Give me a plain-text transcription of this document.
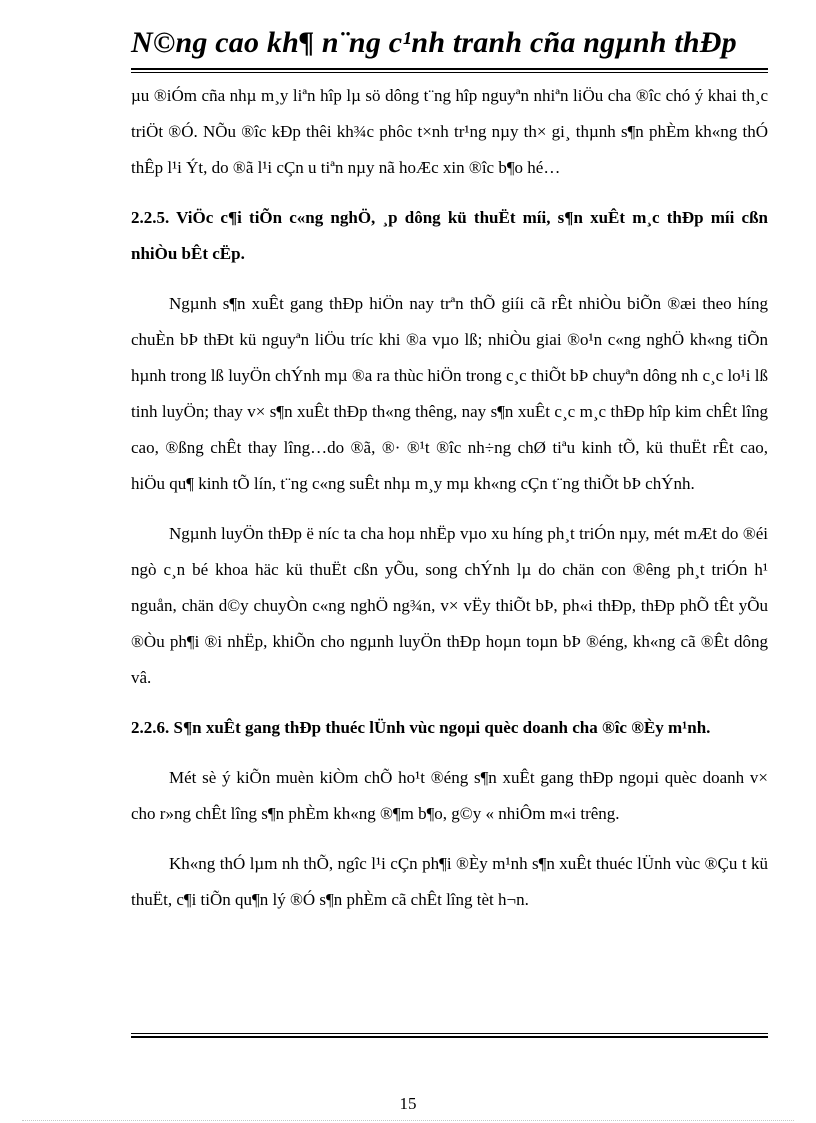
N©ng cao kh¶ n¨ng c¹nh tranh cña ngµnh thÐp

µu ®iÓm cña nhµ m¸y liªn hîp lµ sö dông t¨ng hîp nguyªn nhiªn liÖu cha ®îc chó ý khai th¸c triÖt ®Ó. NÕu ®îc kÐp thêi kh¾c phôc t×nh tr¹ng nµy th× gi¸ thµnh s¶n phÈm kh«ng thÓ thÊp l¹i Ýt, do ®ã l¹i cÇn u tiªn nµy nã hoÆc xin ®îc b¶o hé…

2.2.5. ViÖc c¶i tiÕn c«ng nghÖ, ¸p dông kü thuËt míi, s¶n xuÊt m¸c thÐp míi cßn nhiÒu bÊt cËp.

Ngµnh s¶n xuÊt gang thÐp hiÖn nay trªn thÕ giíi cã rÊt nhiÒu biÕn ®æi theo híng chuÈn bÞ thÐt kü nguyªn liÖu tríc khi ®a vµo lß; nhiÒu giai ®o¹n c«ng nghÖ kh«ng tiÕn hµnh trong lß luyÖn chÝnh mµ ®a ra thùc hiÖn trong c¸c thiÕt bÞ chuyªn dông nh c¸c lo¹i lß tinh luyÖn; thay v× s¶n xuÊt thÐp th«ng thêng, nay s¶n xuÊt c¸c m¸c thÐp hîp kim chÊt lîng cao, ®ßng chÊt thay lîng…do ®ã, ®· ®¹t ®îc nh÷ng chØ tiªu kinh tÕ, kü thuËt rÊt cao, hiÖu qu¶ kinh tÕ lín, t¨ng c«ng suÊt nhµ m¸y mµ kh«ng cÇn t¨ng thiÕt bÞ chÝnh.

Ngµnh luyÖn thÐp ë níc ta cha hoµ nhËp vµo xu híng ph¸t triÓn nµy, mét mÆt do ®éi ngò c¸n bé khoa häc kü thuËt cßn yÕu, song chÝnh lµ do chän con ®êng ph¸t triÓn h¹ nguån, chän d©y chuyÒn c«ng nghÖ ng¾n, v× vËy thiÕt bÞ, ph«i thÐp, thÐp phÕ tÊt yÕu ®Òu ph¶i ®i nhËp, khiÕn cho ngµnh luyÖn thÐp hoµn toµn bÞ ®éng, kh«ng cã ®Êt dông vâ.

2.2.6. S¶n xuÊt gang thÐp thuéc lÜnh vùc ngoµi quèc doanh cha ®îc ®Èy m¹nh.

Mét sè ý kiÕn muèn kiÒm chÕ ho¹t ®éng s¶n xuÊt gang thÐp ngoµi quèc doanh v× cho r»ng chÊt lîng s¶n phÈm kh«ng ®¶m b¶o, g©y « nhiÔm m«i trêng.

Kh«ng thÓ lµm nh thÕ, ngîc l¹i cÇn ph¶i ®Èy m¹nh s¶n xuÊt thuéc lÜnh vùc ®Çu t kü thuËt, c¶i tiÕn qu¶n lý ®Ó s¶n phÈm cã chÊt lîng tèt h¬n.

15
